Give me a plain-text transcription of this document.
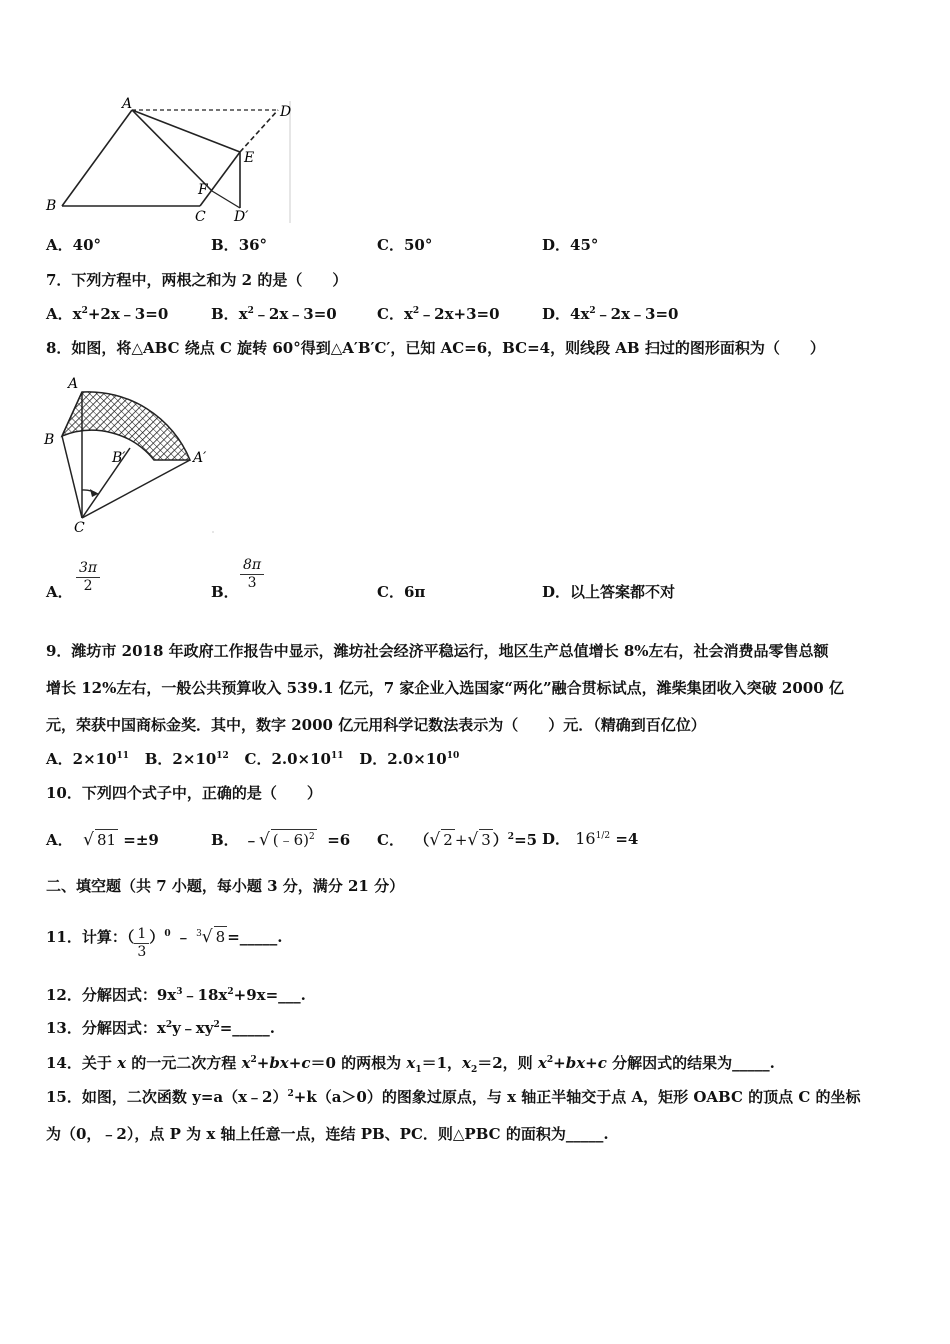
A	D
E
F
B
C D′
A．40°	B．36°	C．50°	D．45°
7．下列方程中，两根之和为 2 的是（　　）
A．$x^2+2x﹣3=0$	B．$x^2﹣2x﹣3=0$	C．$x^2﹣2x+3=0$	D．$4x^2﹣2x﹣3=0$
8．如图，将△ABC 绕点 C 旋转 60°得到△A′B′C′，已知 AC=6，BC=4，则线段 AB 扫过的图形面积为（　　）
A
B
B′	A′
C
A． $\frac{3\pi}{2}$	B． $\frac{8\pi}{3}$	C．6π	D．以上答案都不对
9．潍坊市 2018 年政府工作报告中显示，潍坊社会经济平稳运行，地区生产总值增长 8%左右，社会消费品零售总额
增长 12%左右，一般公共预算收入 539.1 亿元，7 家企业入选国家“两化”融合贯标试点，潍柴集团收入突破 2000 亿
元，荣获中国商标金奖．其中，数字 2000 亿元用科学记数法表示为（　　）元．（精确到百亿位）
A．$2\times 10^{11}$ B．$2\times 10^{12}$ C．$2.0\times 10^{11}$ D．$2.0\times 10^{10}$
10．下列四个式子中，正确的是（　　）
A． √ 81 =±9	B． ﹣√ (﹣6)$^2$ =6 C． （√ 2 +√ 3 ）$^2$=5 D． $16^{1/2} =4$
二、填空题（共 7 小题，每小题 3 分，满分 21 分）
11．计算：（ $\frac{1}{3} )^0$ ﹣ $^3$√ 8 =_____.
12．分解因式：$9x^3﹣18x^2+9x=\_\_\_$.
13．分解因式：$x^2y﹣xy^2=\_\_\_\_\_$.
14．关于 x 的一元二次方程 $x^2+bx+c=0$ 的两根为 $x_1=1$，$x_2=2$，则 $x^2+bx+c$ 分解因式的结果为_____.
15．如图，二次函数 y=a（x﹣2）$^2$+k（a＞0）的图象过原点，与 x 轴正半轴交于点 A，矩形 OABC 的顶点 C 的坐标
为（0，﹣2），点 P 为 x 轴上任意一点，连结 PB、PC．则△PBC 的面积为_____.
